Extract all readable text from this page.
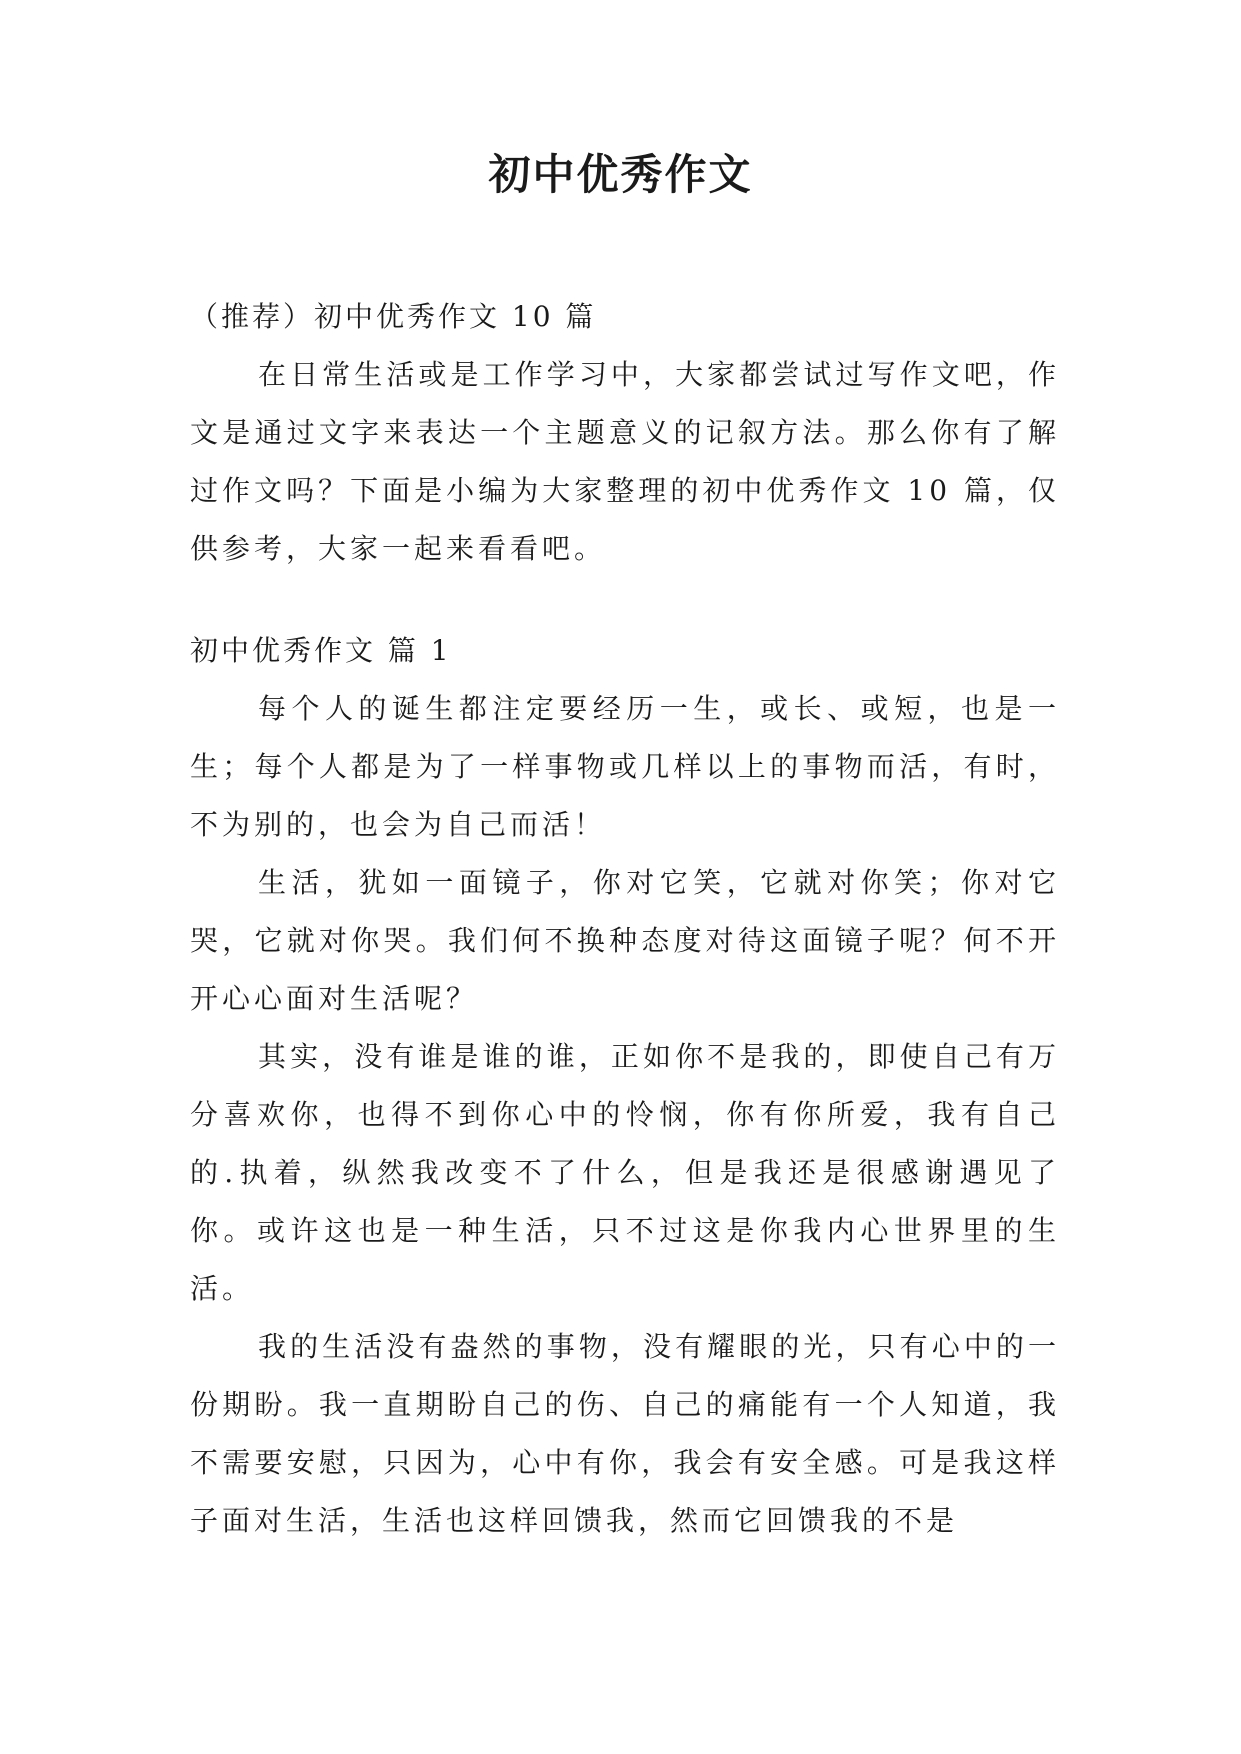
初中优秀作文

（推荐）初中优秀作文 10 篇

在日常生活或是工作学习中，大家都尝试过写作文吧，作文是通过文字来表达一个主题意义的记叙方法。那么你有了解过作文吗？下面是小编为大家整理的初中优秀作文 10 篇，仅供参考，大家一起来看看吧。

初中优秀作文 篇 1

每个人的诞生都注定要经历一生，或长、或短，也是一生；每个人都是为了一样事物或几样以上的事物而活，有时，不为别的，也会为自己而活！

生活，犹如一面镜子，你对它笑，它就对你笑；你对它哭，它就对你哭。我们何不换种态度对待这面镜子呢？何不开开心心面对生活呢？

其实，没有谁是谁的谁，正如你不是我的，即使自己有万分喜欢你，也得不到你心中的怜悯，你有你所爱，我有自己的.执着，纵然我改变不了什么，但是我还是很感谢遇见了你。或许这也是一种生活，只不过这是你我内心世界里的生活。

我的生活没有盎然的事物，没有耀眼的光，只有心中的一份期盼。我一直期盼自己的伤、自己的痛能有一个人知道，我不需要安慰，只因为，心中有你，我会有安全感。可是我这样子面对生活，生活也这样回馈我，然而它回馈我的不是
